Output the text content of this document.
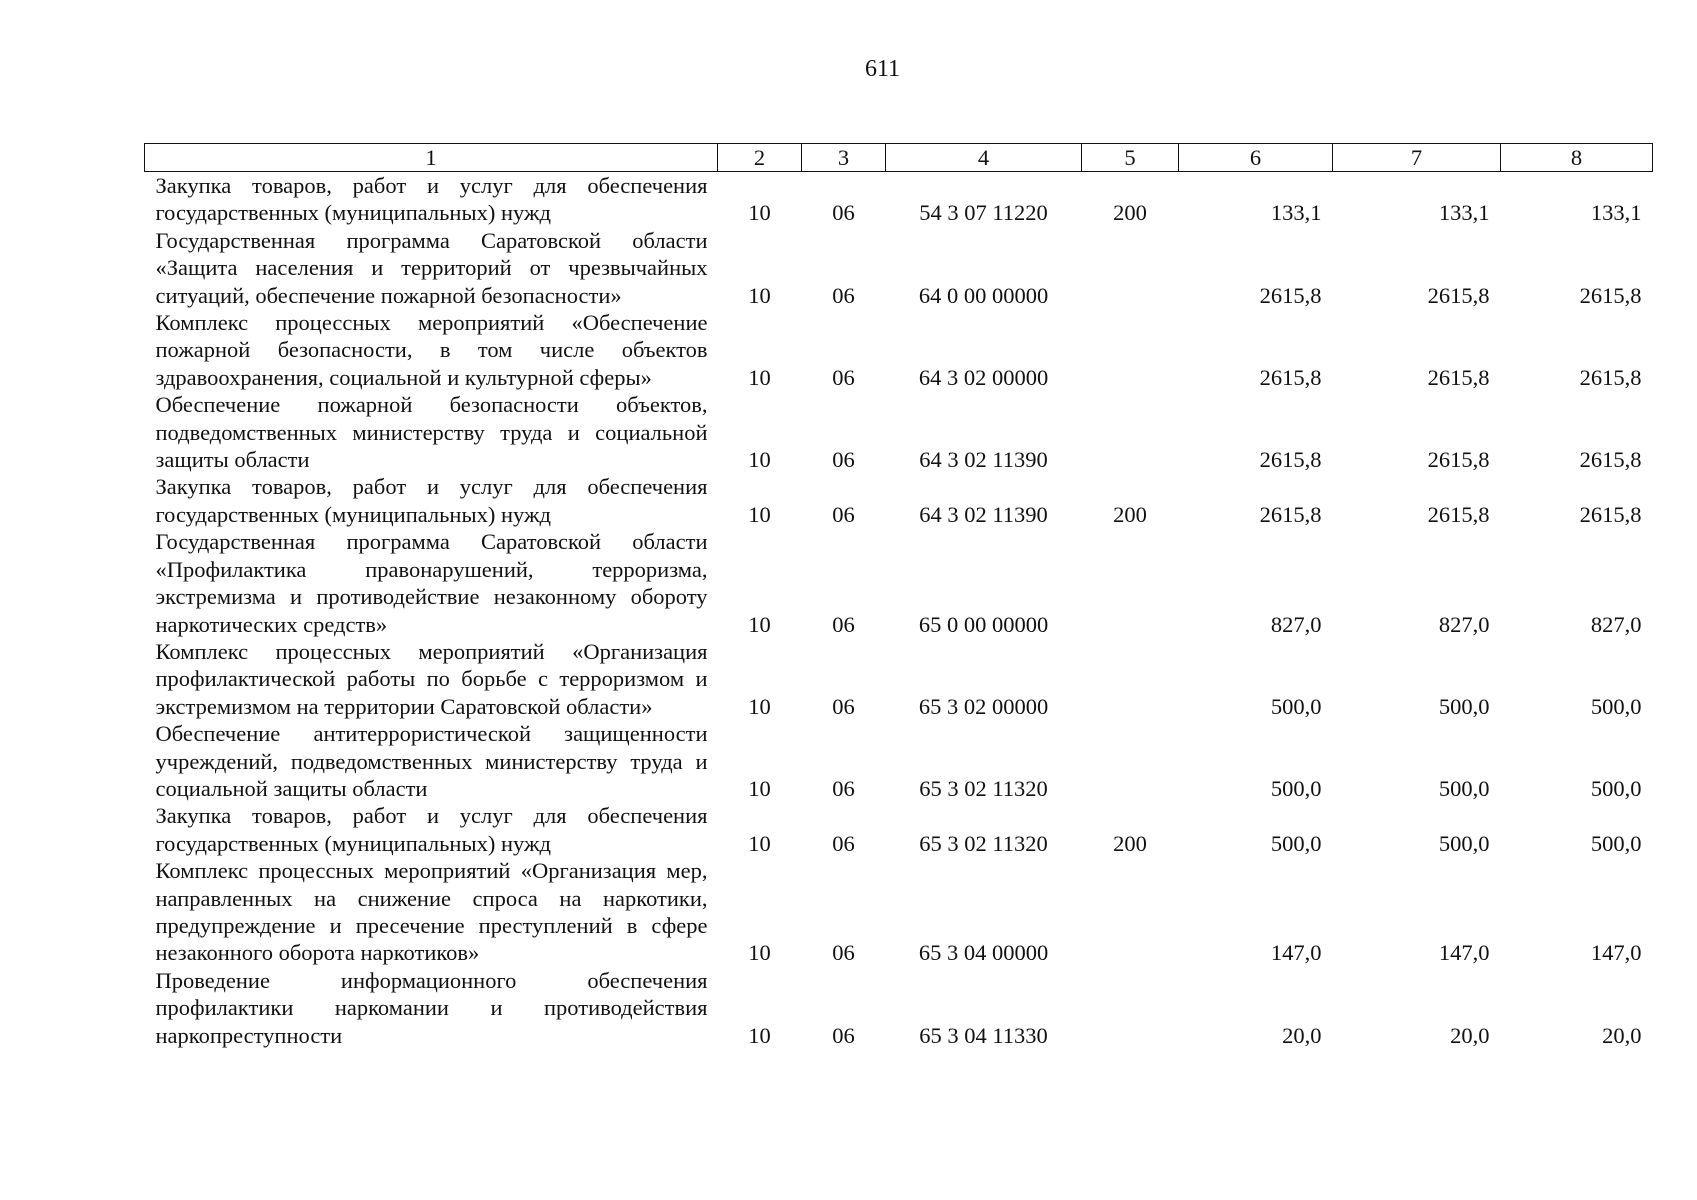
611
1	2	3	4	5	6	7	8
Закупка товаров, работ и услуг для обеспечения государственных (муниципальных) нужд	10	06	54 3 07 11220	200	133,1	133,1	133,1
Государственная программа Саратовской области «Защита населения и территорий от чрезвычайных ситуаций, обеспечение пожарной безопасности»	10	06	64 0 00 00000		2615,8	2615,8	2615,8
Комплекс процессных мероприятий «Обеспечение пожарной безопасности, в том числе объектов здравоохранения, социальной и культурной сферы»	10	06	64 3 02 00000		2615,8	2615,8	2615,8
Обеспечение пожарной безопасности объектов, подведомственных министерству труда и социальной защиты области	10	06	64 3 02 11390		2615,8	2615,8	2615,8
Закупка товаров, работ и услуг для обеспечения государственных (муниципальных) нужд	10	06	64 3 02 11390	200	2615,8	2615,8	2615,8
Государственная программа Саратовской области «Профилактика правонарушений, терроризма, экстремизма и противодействие незаконному обороту наркотических средств»	10	06	65 0 00 00000		827,0	827,0	827,0
Комплекс процессных мероприятий «Организация профилактической работы по борьбе с терроризмом и экстремизмом на территории Саратовской области»	10	06	65 3 02 00000		500,0	500,0	500,0
Обеспечение антитеррористической защищенности учреждений, подведомственных министерству труда и социальной защиты области	10	06	65 3 02 11320		500,0	500,0	500,0
Закупка товаров, работ и услуг для обеспечения государственных (муниципальных) нужд	10	06	65 3 02 11320	200	500,0	500,0	500,0
Комплекс процессных мероприятий «Организация мер, направленных на снижение спроса на наркотики, предупреждение и пресечение преступлений в сфере незаконного оборота наркотиков»	10	06	65 3 04 00000		147,0	147,0	147,0
Проведение информационного обеспечения профилактики наркомании и противодействия наркопреступности	10	06	65 3 04 11330		20,0	20,0	20,0
